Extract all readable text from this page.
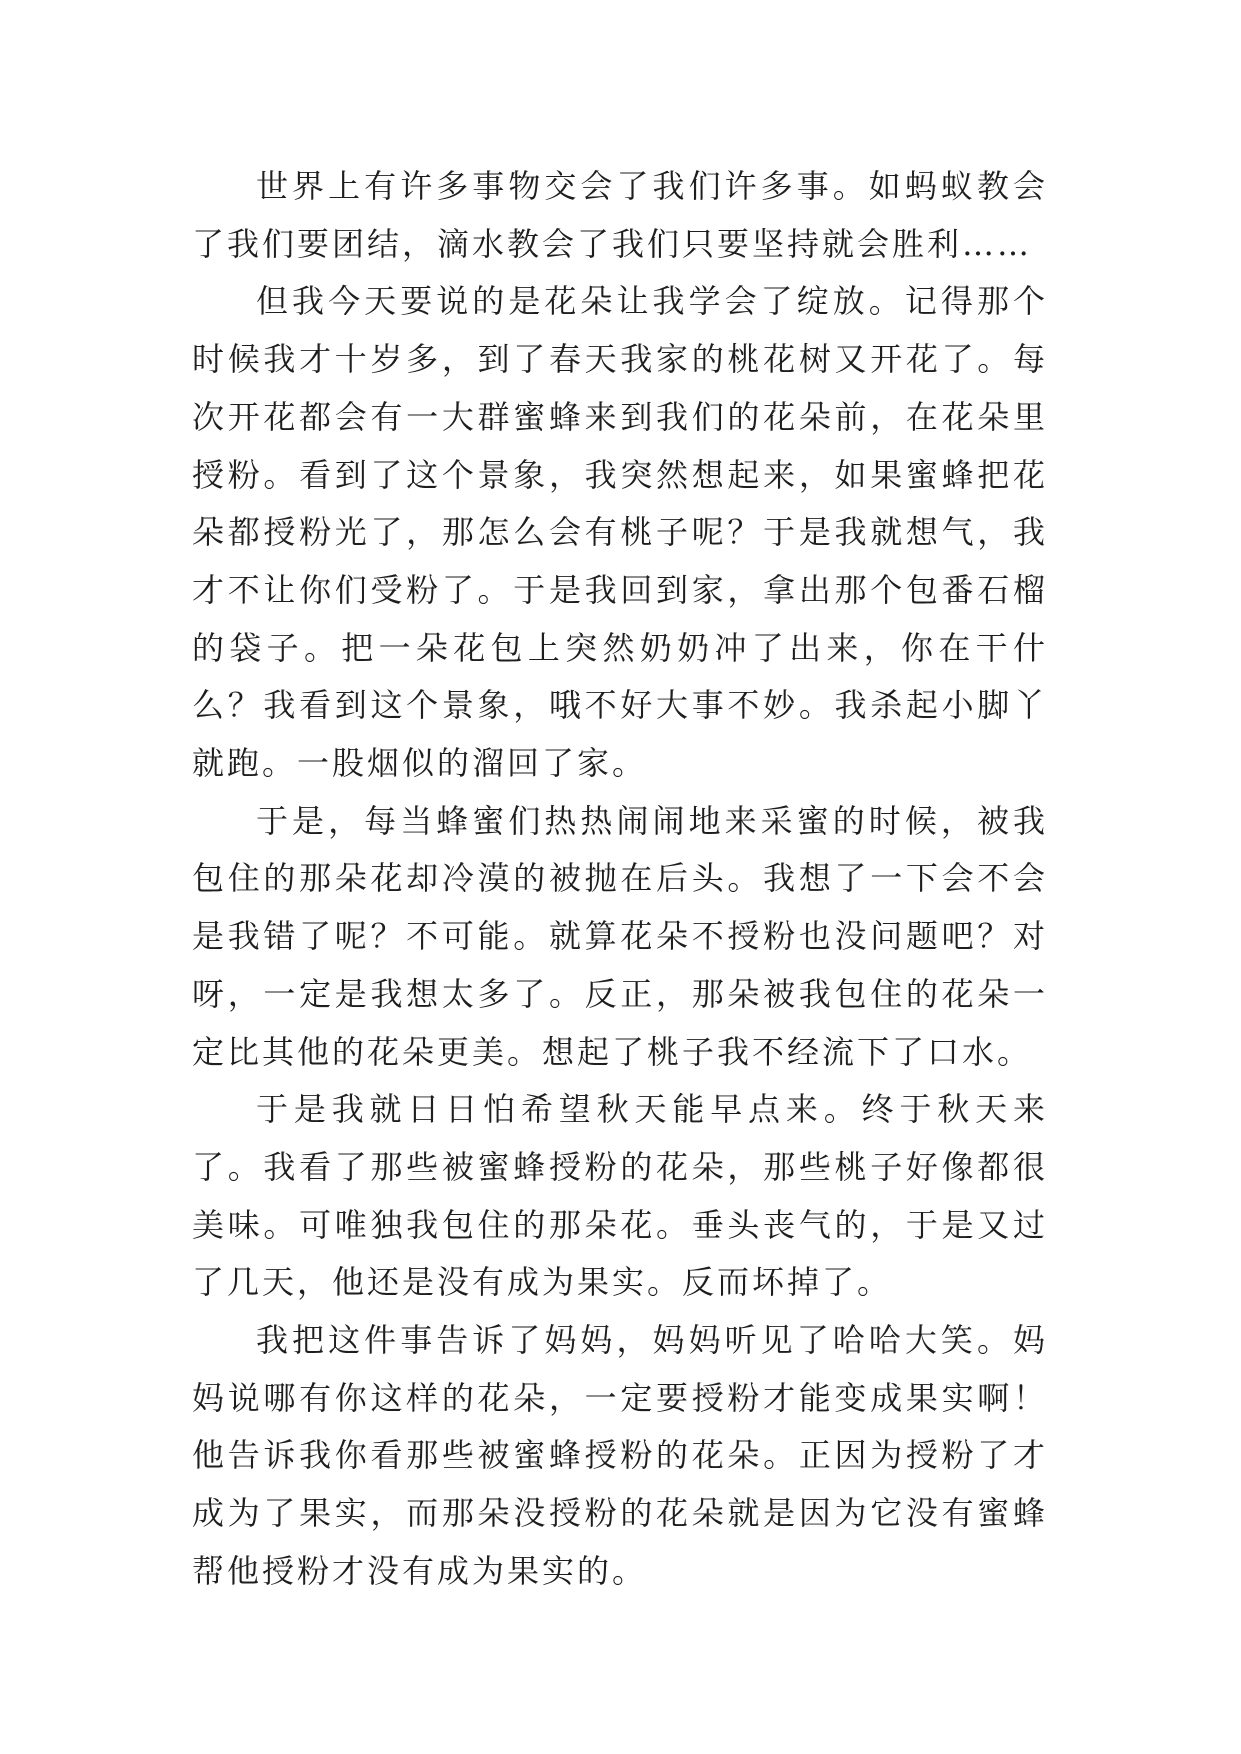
世界上有许多事物交会了我们许多事。如蚂蚁教会了我们要团结，滴水教会了我们只要坚持就会胜利……

但我今天要说的是花朵让我学会了绽放。记得那个时候我才十岁多，到了春天我家的桃花树又开花了。每次开花都会有一大群蜜蜂来到我们的花朵前，在花朵里授粉。看到了这个景象，我突然想起来，如果蜜蜂把花朵都授粉光了，那怎么会有桃子呢？于是我就想气，我才不让你们受粉了。于是我回到家，拿出那个包番石榴的袋子。把一朵花包上突然奶奶冲了出来，你在干什么？我看到这个景象，哦不好大事不妙。我杀起小脚丫就跑。一股烟似的溜回了家。

于是，每当蜂蜜们热热闹闹地来采蜜的时候，被我包住的那朵花却冷漠的被抛在后头。我想了一下会不会是我错了呢？不可能。就算花朵不授粉也没问题吧？对呀，一定是我想太多了。反正，那朵被我包住的花朵一定比其他的花朵更美。想起了桃子我不经流下了口水。

于是我就日日怕希望秋天能早点来。终于秋天来了。我看了那些被蜜蜂授粉的花朵，那些桃子好像都很美味。可唯独我包住的那朵花。垂头丧气的，于是又过了几天，他还是没有成为果实。反而坏掉了。

我把这件事告诉了妈妈，妈妈听见了哈哈大笑。妈妈说哪有你这样的花朵，一定要授粉才能变成果实啊！他告诉我你看那些被蜜蜂授粉的花朵。正因为授粉了才成为了果实，而那朵没授粉的花朵就是因为它没有蜜蜂帮他授粉才没有成为果实的。
